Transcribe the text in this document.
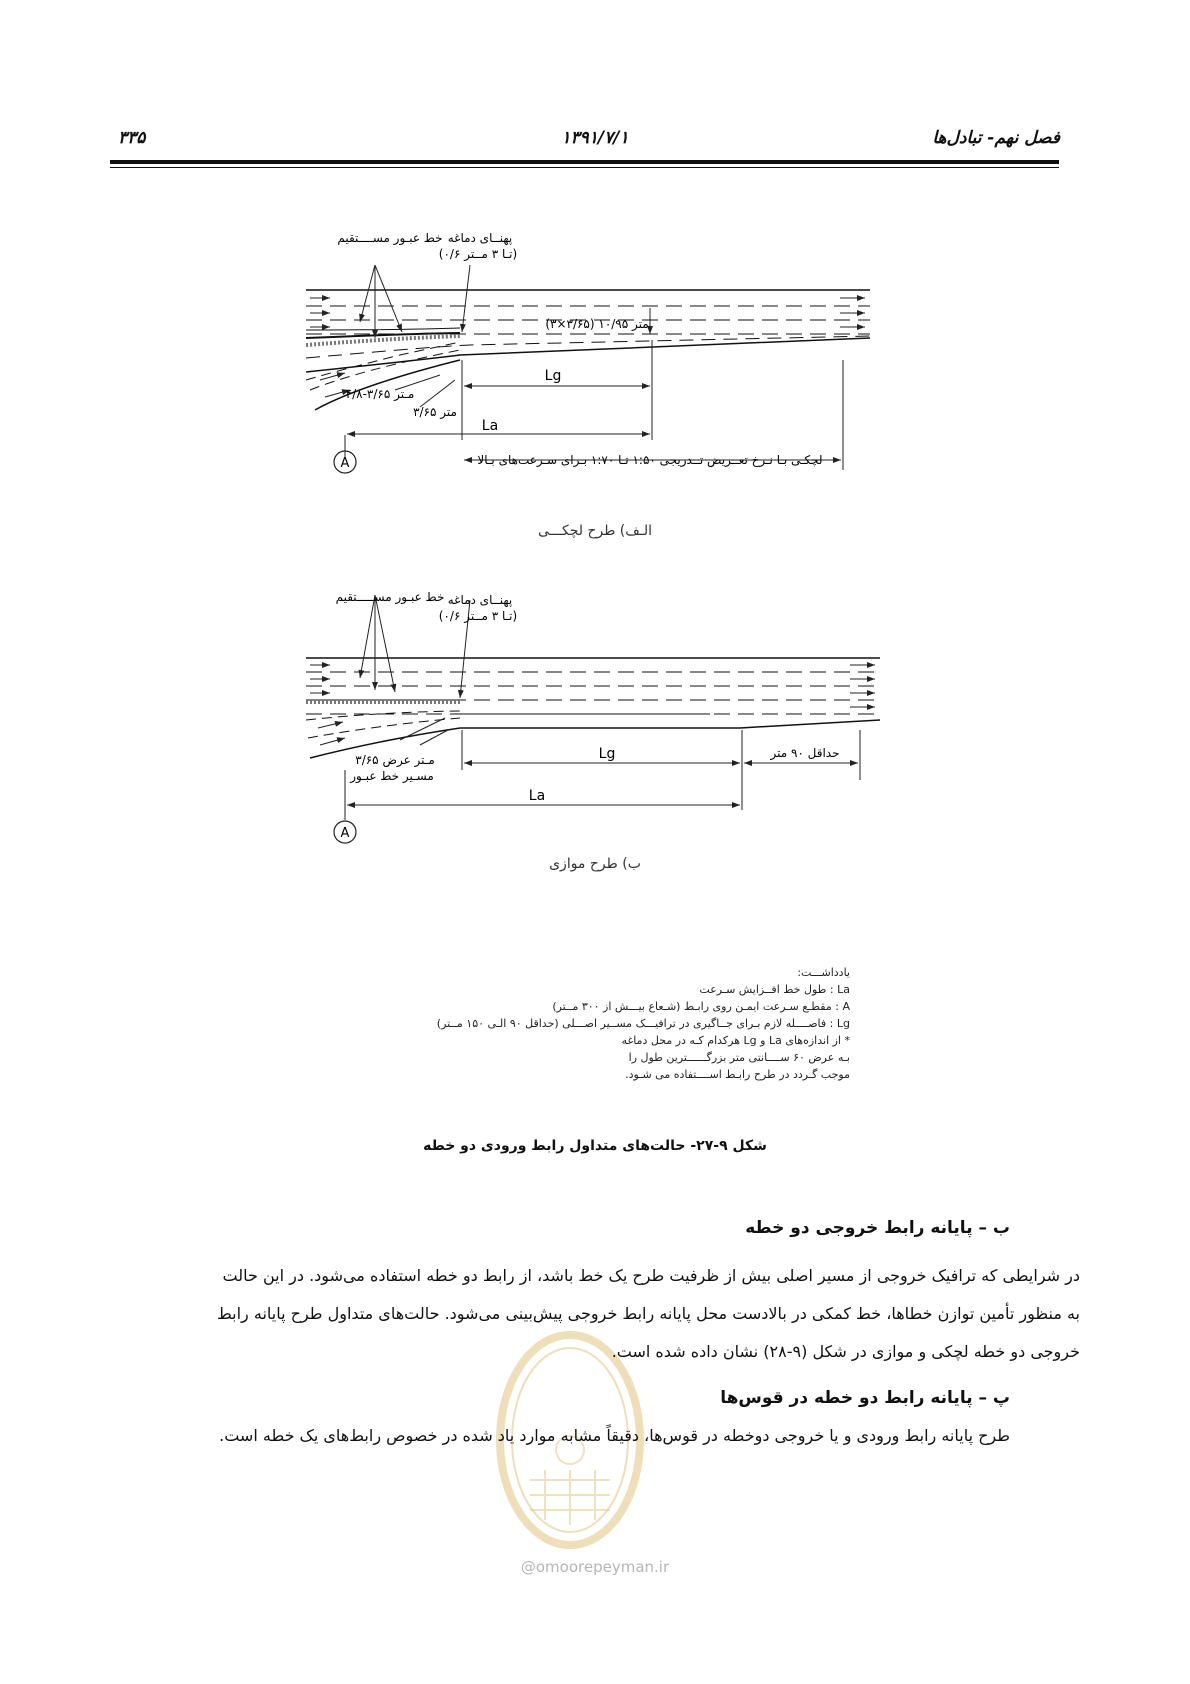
فصل نهم- تبادل‌ها
۱۳۹۱/۷/۱
۳۳۵
خط عبـور مســــتقیم پهنــای دماغه
(۰/۶ تـا ۳ مــتر)
(۳×۳/۶۵) ۱۰/۹۵ متر
۴/۸-۳/۶۵ مـتر
۳/۶۵ متر
Lg
La
A	لچکـی بـا نـرخ تعــریض تــدریجی ۱:۵۰ تـا ۱:۷۰ بـرای سـرعت‌های بـالا
الـف) طرح لچکـــی
خط عبـور مســـــتقیم پهنــای دماغه
(۰/۶ تـا ۳ مــتر)
حداقل ۹۰ متر
۳/۶۵ مـتر عرض
مسـیر خط عبـور
Lg
La
A
ب) طرح موازی
یادداشـــت:
La : طول خط افــزایش سـرعت
A : مقطـع سـرعت ایمـن روی رابـط (شـعاع بیـــش از ۳۰۰ مــتر)
Lg : فاصــــله لازم بـرای جــاگیری در ترافیـــک مســیر اصـــلی (حداقل ۹۰ الـی ۱۵۰ مــتر)
* از اندازه‌های La و Lg هرکدام کـه در محل دماغه
بـه عرض ۶۰ ســــانتی متر بزرگــــــترین طول را
موجب گـردد در طرح رابـط اســــتفاده می شـود.
شکل ۹-۲۷- حالت‌های متداول رابط ورودی دو خطه
@omoorepeyman.ir
ب – پایانه رابط خروجی دو خطه

در شرایطی که ترافیک خروجی از مسیر اصلی بیش از ظرفیت طرح یک خط باشد، از رابط دو خطه استفاده می‌شود. در این حالت

به منظور تأمین توازن خطاها، خط کمکی در بالادست محل پایانه رابط خروجی پیش‌بینی می‌شود. حالت‌های متداول طرح پایانه رابط

خروجی دو خطه لچکی و موازی در شکل (۹-۲۸) نشان داده شده است.

پ – پایانه رابط دو خطه در قوس‌ها
طرح پایانه رابط ورودی و یا خروجی دوخطه در قوس‌ها، دقیقاً مشابه موارد یاد شده در خصوص رابط‌های یک خطه است.
